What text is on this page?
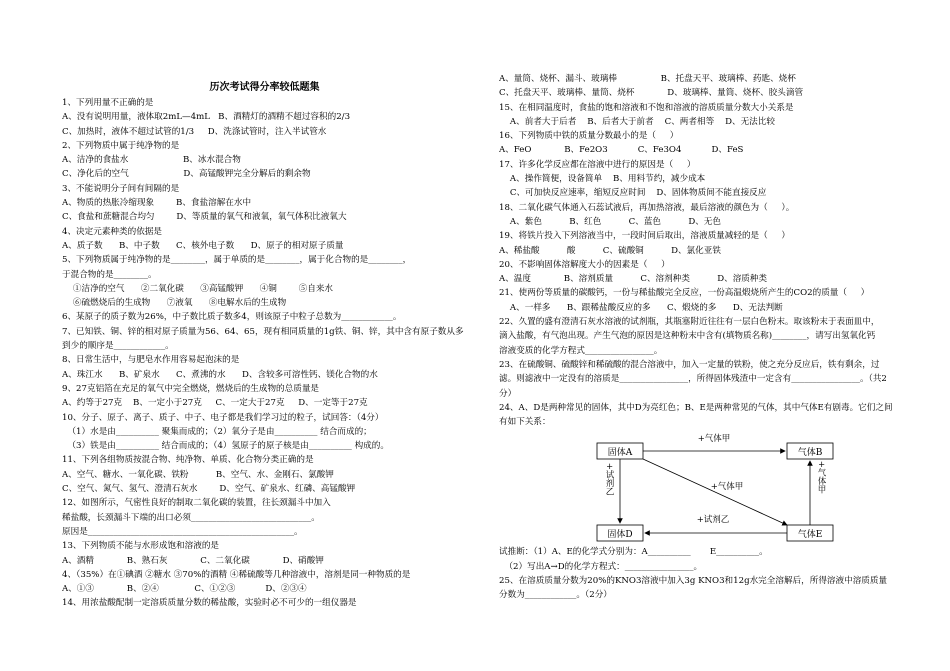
历次考试得分率较低题集
1、下列用量不正确的是
A、没有说明用量，液体取2mL—4mL   B、酒精灯的酒精不超过容积的2/3
C、加热时，液体不超过试管的1/3     D、洗涤试管时，注入半试管水
2、下列物质中属于纯净物的是
A、洁净的食盐水                    B、冰水混合物
C、净化后的空气                    D、高锰酸钾完全分解后的剩余物
3、不能说明分子间有间隔的是
A、物质的热胀冷缩现象        B、食盐溶解在水中
C、食盐和蔗糖混合均匀        D、等质量的氧气和液氧，氧气体积比液氧大
4、决定元素种类的依据是
A、质子数      B、中子数      C、核外电子数      D、原子的相对原子质量
5、下列物质属于纯净物的是________，属于单质的是________，属于化合物的是________，
于混合物的是________。
①洁净的空气      ②二氧化碳      ③高锰酸钾      ④铜        ⑤自来水
⑥硫燃烧后的生成物      ⑦液氧      ⑧电解水后的生成物
6、某原子的质子数为26%，中子数比质子数多4，则该原子中粒子总数为____________。
7、已知铁、铜、锌的相对原子质量为56、64、65，现有相同质量的1g铁、铜、锌，其中含有原子数从多
到少的顺序是____________。
8、日常生活中，与肥皂水作用容易起泡沫的是
A、珠江水      B、矿泉水      C、煮沸的水      D、含较多可溶性钙、镁化合物的水
9、27克铝箔在充足的氧气中完全燃烧，燃烧后的生成物的总质量是
A、约等于27克    B、一定小于27克     C、一定大于27克     D、一定等于27克
10、分子、原子、离子、质子、中子、电子都是我们学习过的粒子，试回答：（4分）
（1）水是由__________ 聚集而成的；（2）氧分子是由__________ 结合而成的；
（3）铁是由__________ 结合而成的；（4）氢原子的原子核是由__________ 构成的。
11、下列各组物质按混合物、纯净物、单质、化合物分类正确的是
A、空气、糖水、一氧化碳、铁粉          B、空气、水、金刚石、氯酸钾
C、空气、氮气、氢气、澄清石灰水        D、空气、矿泉水、红磷、高锰酸钾
12、如图所示，气密性良好的制取二氧化碳的装置，往长颈漏斗中加入
稀盐酸，长颈漏斗下端的出口必须____________________________。
原因是________________________________________________。
13、下列物质不能与水形成饱和溶液的是
A、酒精            B、熟石灰            C、二氧化碳            D、硝酸钾
4、（35%）在①碘酒 ②糖水 ③70%的酒精 ④稀硫酸等几种溶液中，溶剂是同一种物质的是
A、①③            B、②④             C、①②③           D、②③④
14、用浓盐酸配制一定溶质质量分数的稀盐酸，实验时必不可少的一组仪器是
A、量筒、烧杯、漏斗、玻璃棒                B、托盘天平、玻璃棒、药匙、烧杯
C、托盘天平、玻璃棒、量筒、烧杯            D、玻璃棒、量筒、烧杯、胶头滴管
15、在相同温度时，食盐的饱和溶液和不饱和溶液的溶质质量分数大小关系是
A、前者大于后者    B、后者大于前者    C、两者相等    D、无法比较
16、下列物质中铁的质量分数最小的是（     ）
A、FeO            B、Fe2O3           C、Fe3O4           D、FeS
17、许多化学反应都在溶液中进行的原因是（     ）
A、操作简便，设备简单    B、用料节约，减少成本
C、可加快反应速率，缩短反应时间    D、固体物质间不能直接反应
18、二氧化碳气体通入石蕊试液后，再加热溶液，最后溶液的颜色为（     ）。
A、紫色          B、红色          C、蓝色          D、无色
19、将铁片投入下列溶液当中，一段时间后取出，溶液质量减轻的是（     ）
A、稀盐酸          酸          C、硫酸铜          D、氯化亚铁
20、不影响固体溶解度大小的因素是（     ）
A、温度            B、溶剂质量          C、溶剂种类          D、溶质种类
21、使两份等质量的碳酸钙，一份与稀盐酸完全反应，一份高温煅烧所产生的CO2的质量（     ）
A、一样多      B、跟稀盐酸反应的多      C、煅烧的多      D、无法判断
22、久置的盛有澄清石灰水溶液的试剂瓶，其瓶塞附近往往有一层白色粉末。取该粉末于表面皿中，
滴入盐酸，有气泡出现。产生气泡的原因是这种粉末中含有(填物质名称)________，请写出氢氧化钙
溶液变质的化学方程式________________。
23、在硫酸铜、硫酸锌和稀硫酸的混合溶液中，加入一定量的铁粉，使之充分反应后，铁有剩余，过
滤。则滤液中一定没有的溶质是________________，所得固体残渣中一定含有________________。（共2
分）
24、A、D是两种常见的固体，其中D为亮红色；B、E是两种常见的气体，其中气体E有剧毒。它们之间
有如下关系：
固体A	气体B
固体D	气体E
+气体甲
+气体甲
+试剂乙
+试剂乙
+气体甲
试推断：（1）A、E的化学式分别为：A__________       E__________。
（2）写出A→D的化学方程式：________________。
25、在溶质质量分数为20%的KNO3溶液中加入3g KNO3和12g水完全溶解后，所得溶液中溶质质量
分数为____________。（2分）
